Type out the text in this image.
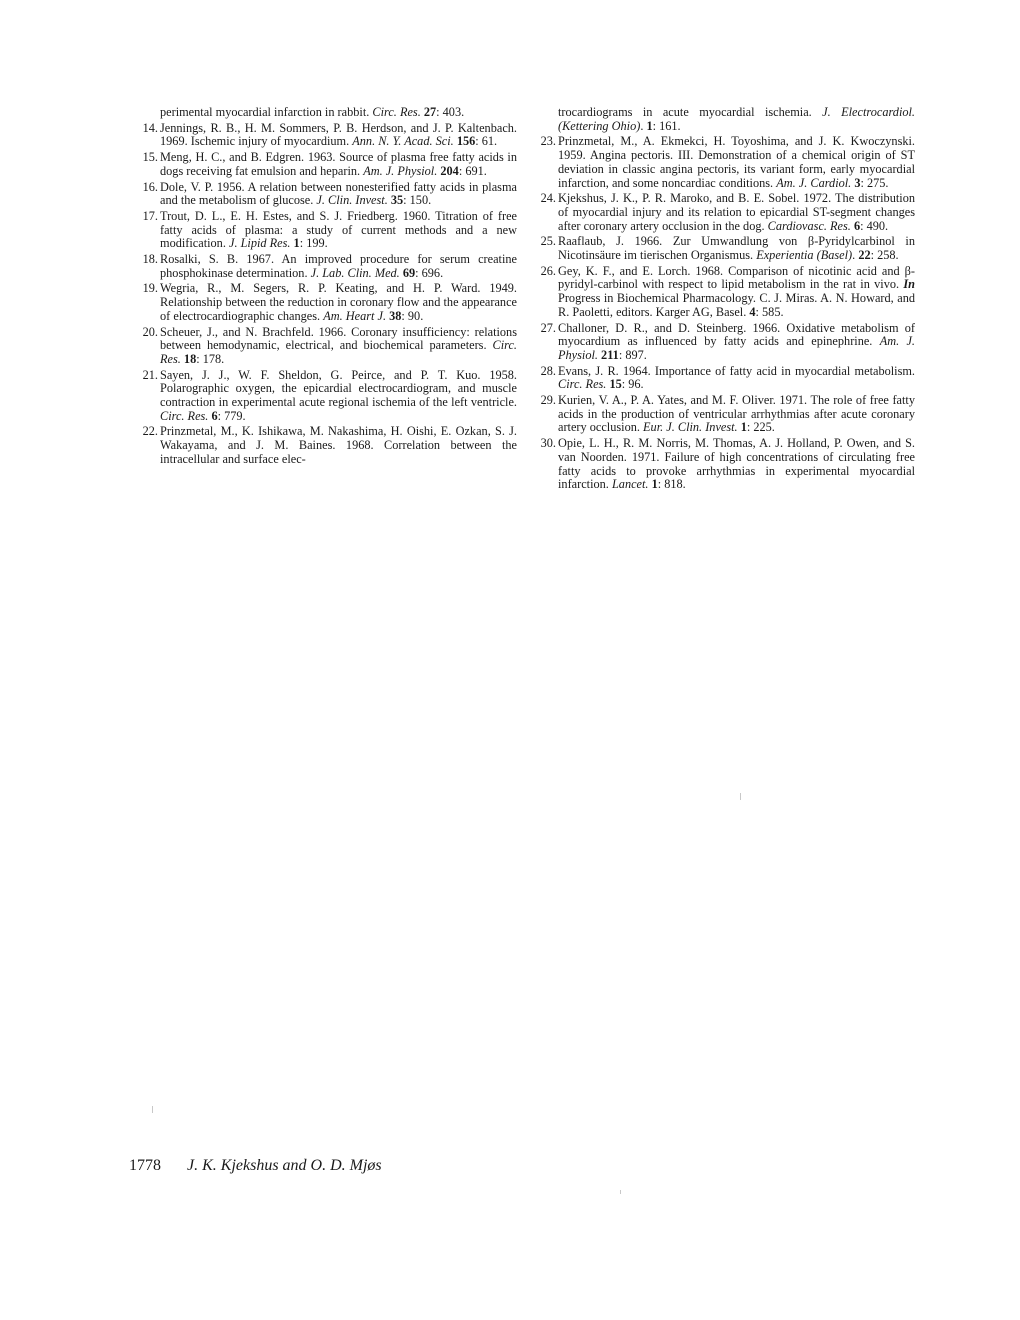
perimental myocardial infarction in rabbit. Circ. Res. 27: 403.
14. Jennings, R. B., H. M. Sommers, P. B. Herdson, and J. P. Kaltenbach. 1969. Ischemic injury of myocardium. Ann. N. Y. Acad. Sci. 156: 61.
15. Meng, H. C., and B. Edgren. 1963. Source of plasma free fatty acids in dogs receiving fat emulsion and heparin. Am. J. Physiol. 204: 691.
16. Dole, V. P. 1956. A relation between nonesterified fatty acids in plasma and the metabolism of glucose. J. Clin. Invest. 35: 150.
17. Trout, D. L., E. H. Estes, and S. J. Friedberg. 1960. Titration of free fatty acids of plasma: a study of current methods and a new modification. J. Lipid Res. 1: 199.
18. Rosalki, S. B. 1967. An improved procedure for serum creatine phosphokinase determination. J. Lab. Clin. Med. 69: 696.
19. Wegria, R., M. Segers, R. P. Keating, and H. P. Ward. 1949. Relationship between the reduction in coronary flow and the appearance of electrocardiographic changes. Am. Heart J. 38: 90.
20. Scheuer, J., and N. Brachfeld. 1966. Coronary insufficiency: relations between hemodynamic, electrical, and biochemical parameters. Circ. Res. 18: 178.
21. Sayen, J. J., W. F. Sheldon, G. Peirce, and P. T. Kuo. 1958. Polarographic oxygen, the epicardial electrocardiogram, and muscle contraction in experimental acute regional ischemia of the left ventricle. Circ. Res. 6: 779.
22. Prinzmetal, M., K. Ishikawa, M. Nakashima, H. Oishi, E. Ozkan, S. J. Wakayama, and J. M. Baines. 1968. Correlation between the intracellular and surface elec-
trocardiograms in acute myocardial ischemia. J. Electrocardiol. (Kettering Ohio). 1: 161.
23. Prinzmetal, M., A. Ekmekci, H. Toyoshima, and J. K. Kwoczynski. 1959. Angina pectoris. III. Demonstration of a chemical origin of ST deviation in classic angina pectoris, its variant form, early myocardial infarction, and some noncardiac conditions. Am. J. Cardiol. 3: 275.
24. Kjekshus, J. K., P. R. Maroko, and B. E. Sobel. 1972. The distribution of myocardial injury and its relation to epicardial ST-segment changes after coronary artery occlusion in the dog. Cardiovasc. Res. 6: 490.
25. Raaflaub, J. 1966. Zur Umwandlung von β-Pyridylcarbinol in Nicotinsäure im tierischen Organismus. Experientia (Basel). 22: 258.
26. Gey, K. F., and E. Lorch. 1968. Comparison of nicotinic acid and β-pyridyl-carbinol with respect to lipid metabolism in the rat in vivo. In Progress in Biochemical Pharmacology. C. J. Miras. A. N. Howard, and R. Paoletti, editors. Karger AG, Basel. 4: 585.
27. Challoner, D. R., and D. Steinberg. 1966. Oxidative metabolism of myocardium as influenced by fatty acids and epinephrine. Am. J. Physiol. 211: 897.
28. Evans, J. R. 1964. Importance of fatty acid in myocardial metabolism. Circ. Res. 15: 96.
29. Kurien, V. A., P. A. Yates, and M. F. Oliver. 1971. The role of free fatty acids in the production of ventricular arrhythmias after acute coronary artery occlusion. Eur. J. Clin. Invest. 1: 225.
30. Opie, L. H., R. M. Norris, M. Thomas, A. J. Holland, P. Owen, and S. van Noorden. 1971. Failure of high concentrations of circulating free fatty acids to provoke arrhythmias in experimental myocardial infarction. Lancet. 1: 818.
1778 J. K. Kjekshus and O. D. Mjøs
